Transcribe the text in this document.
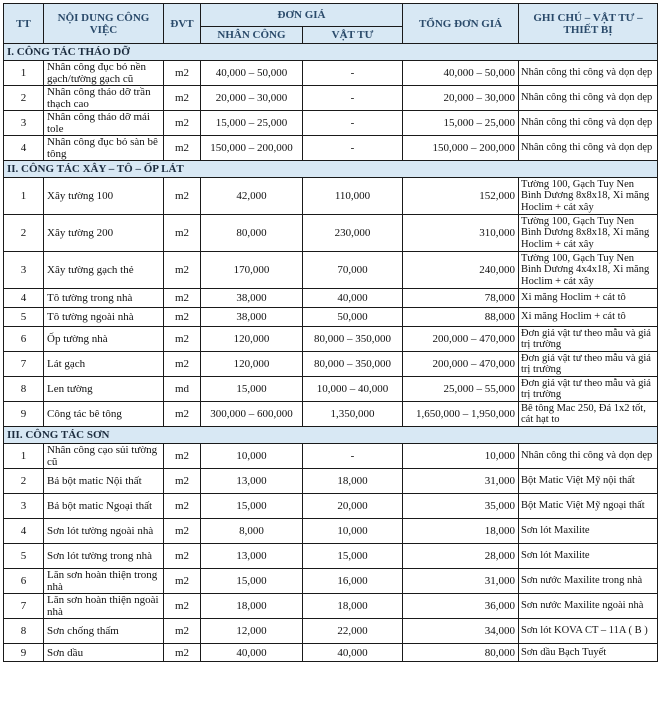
TT	NỘI DUNG CÔNG VIỆC	ĐVT	ĐƠN GIÁ		TỔNG ĐƠN GIÁ	GHI CHÚ – VẬT TƯ – THIẾT BỊ
			NHÂN CÔNG	VẬT TƯ		
I. CÔNG TÁC THÁO DỠ						
1	Nhân công đục bỏ nền gạch/tường gạch cũ	m2	40,000 – 50,000	-	40,000 – 50,000	Nhân công thi công và dọn dẹp
2	Nhân công tháo dỡ trần thạch cao	m2	20,000 – 30,000	-	20,000 – 30,000	Nhân công thi công và dọn dẹp
3	Nhân công tháo dỡ mái tole	m2	15,000 – 25,000	-	15,000 – 25,000	Nhân công thi công và dọn dẹp
4	Nhân công đục bỏ sàn bê tông	m2	150,000 – 200,000	-	150,000 – 200,000	Nhân công thi công và dọn dẹp
II. CÔNG TÁC XÂY – TÔ – ỐP LÁT						
1	Xây tường 100	m2	42,000	110,000	152,000	Tường 100, Gạch Tuy Nen Bình Dương 8x8x18, Xi măng Hoclim + cát xây
2	Xây tường 200	m2	80,000	230,000	310,000	Tường 100, Gạch Tuy Nen Bình Dương 8x8x18, Xi măng Hoclim + cát xây
3	Xây tường gạch thẻ	m2	170,000	70,000	240,000	Tường 100, Gạch Tuy Nen Bình Dương 4x4x18, Xi măng Hoclim + cát xây
4	Tô tường trong nhà	m2	38,000	40,000	78,000	Xi măng Hoclim + cát tô
5	Tô tường ngoài nhà	m2	38,000	50,000	88,000	Xi măng Hoclim + cát tô
6	Ốp tường nhà	m2	120,000	80,000 – 350,000	200,000 – 470,000	Đơn giá vật tư theo mẫu và giá trị trường
7	Lát gạch	m2	120,000	80,000 – 350,000	200,000 – 470,000	Đơn giá vật tư theo mẫu và giá trị trường
8	Len tường	md	15,000	10,000 – 40,000	25,000 – 55,000	Đơn giá vật tư theo mẫu và giá trị trường
9	Công tác bê tông	m2	300,000 – 600,000	1,350,000	1,650,000 – 1,950,000	Bê tông Mac 250, Đá 1x2 tốt, cát hạt to
III. CÔNG TÁC SƠN						
1	Nhân công cạo sủi tường cũ	m2	10,000	-	10,000	Nhân công thi công và dọn dẹp
2	Bả bột matic Nội thất	m2	13,000	18,000	31,000	Bột Matic Việt Mỹ nội thất
3	Bả bột matic Ngoại thất	m2	15,000	20,000	35,000	Bột Matic Việt Mỹ ngoại thất
4	Sơn lót tường ngoài nhà	m2	8,000	10,000	18,000	Sơn lót Maxilite
5	Sơn lót tường trong nhà	m2	13,000	15,000	28,000	Sơn lót Maxilite
6	Lăn sơn hoàn thiện trong nhà	m2	15,000	16,000	31,000	Sơn nước Maxilite trong nhà
7	Lăn sơn hoàn thiện ngoài nhà	m2	18,000	18,000	36,000	Sơn nước Maxilite ngoài nhà
8	Sơn chống thấm	m2	12,000	22,000	34,000	Sơn lót KOVA CT – 11A ( B )
9	Sơn dầu	m2	40,000	40,000	80,000	Sơn dầu Bạch Tuyết
